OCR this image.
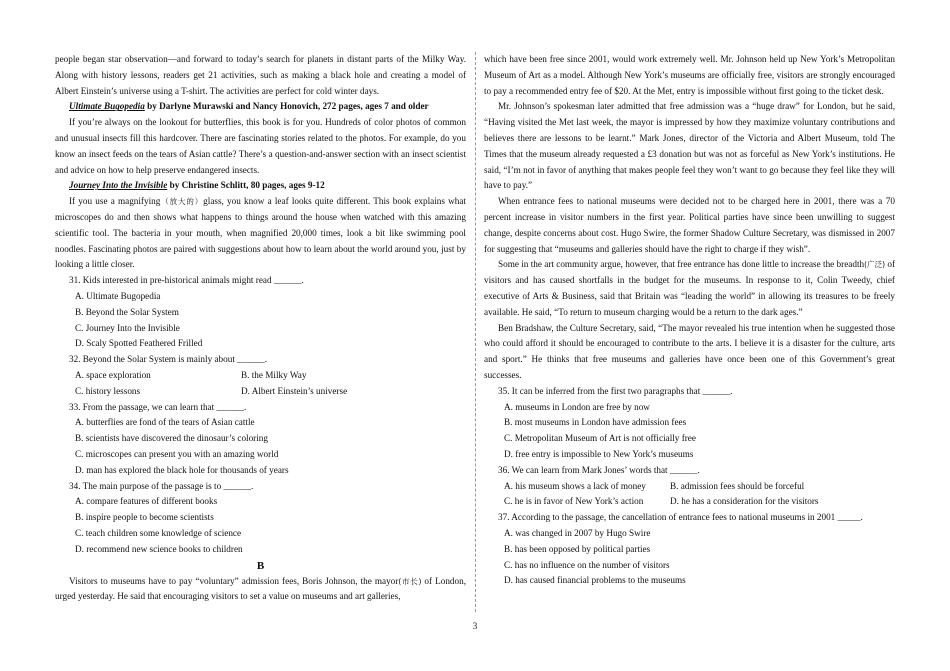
people began star observation—and forward to today’s search for planets in distant parts of the Milky Way. Along with history lessons, readers get 21 activities, such as making a black hole and creating a model of Albert Einstein’s universe using a T-shirt. The activities are perfect for cold winter days.

Ultimate Bugopedia by Darlyne Murawski and Nancy Honovich, 272 pages, ages 7 and older

If you’re always on the lookout for butterflies, this book is for you. Hundreds of color photos of common and unusual insects fill this hardcover. There are fascinating stories related to the photos. For example, do you know an insect feeds on the tears of Asian cattle? There’s a question-and-answer section with an insect scientist and advice on how to help preserve endangered insects.

Journey Into the Invisible by Christine Schlitt, 80 pages, ages 9-12

If you use a magnifying（放大的）glass, you know a leaf looks quite different. This book explains what microscopes do and then shows what happens to things around the house when watched with this amazing scientific tool. The bacteria in your mouth, when magnified 20,000 times, look a bit like swimming pool noodles. Fascinating photos are paired with suggestions about how to learn about the world around you, just by looking a little closer.

31. Kids interested in pre-historical animals might read ______.

A. Ultimate Bugopedia

B. Beyond the Solar System

C. Journey Into the Invisible

D. Scaly Spotted Feathered Frilled

32. Beyond the Solar System is mainly about ______.

A. space exploration	B. the Milky Way
C. history lessons	D. Albert Einstein’s universe

33. From the passage, we can learn that ______.

A. butterflies are fond of the tears of Asian cattle

B. scientists have discovered the dinosaur’s coloring

C. microscopes can present you with an amazing world

D. man has explored the black hole for thousands of years

34. The main purpose of the passage is to ______.

A. compare features of different books

B. inspire people to become scientists

C. teach children some knowledge of science

D. recommend new science books to children

B

Visitors to museums have to pay “voluntary” admission fees, Boris Johnson, the mayor(市长) of London, urged yesterday. He said that encouraging visitors to set a value on museums and art galleries,

which have been free since 2001, would work extremely well. Mr. Johnson held up New York’s Metropolitan Museum of Art as a model. Although New York’s museums are officially free, visitors are strongly encouraged to pay a recommended entry fee of $20. At the Met, entry is impossible without first going to the ticket desk.

Mr. Johnson’s spokesman later admitted that free admission was a “huge draw” for London, but he said, “Having visited the Met last week, the mayor is impressed by how they maximize voluntary contributions and believes there are lessons to be learnt.” Mark Jones, director of the Victoria and Albert Museum, told The Times that the museum already requested a £3 donation but was not as forceful as New York’s institutions. He said, “I’m not in favor of anything that makes people feel they won’t want to go because they feel like they will have to pay.”

When entrance fees to national museums were decided not to be charged here in 2001, there was a 70 percent increase in visitor numbers in the first year. Political parties have since been unwilling to suggest change, despite concerns about cost. Hugo Swire, the former Shadow Culture Secretary, was dismissed in 2007 for suggesting that “museums and galleries should have the right to charge if they wish”.

Some in the art community argue, however, that free entrance has done little to increase the breadth(广泛) of visitors and has caused shortfalls in the budget for the museums. In response to it, Colin Tweedy, chief executive of Arts & Business, said that Britain was “leading the world” in allowing its treasures to be freely available. He said, “To return to museum charging would be a return to the dark ages.”

Ben Bradshaw, the Culture Secretary, said, “The mayor revealed his true intention when he suggested those who could afford it should be encouraged to contribute to the arts. I believe it is a disaster for the culture, arts and sport.” He thinks that free museums and galleries have once been one of this Government’s great successes.

35. It can be inferred from the first two paragraphs that ______.

A. museums in London are free by now

B. most museums in London have admission fees

C. Metropolitan Museum of Art is not officially free

D. free entry is impossible to New York’s museums

36. We can learn from Mark Jones’ words that ______.

A. his museum shows a lack of money	B. admission fees should be forceful
C. he is in favor of New York’s action	D. he has a consideration for the visitors

37. According to the passage, the cancellation of entrance fees to national museums in 2001 _____.

A. was changed in 2007 by Hugo Swire

B. has been opposed by political parties

C. has no influence on the number of visitors

D. has caused financial problems to the museums

3
